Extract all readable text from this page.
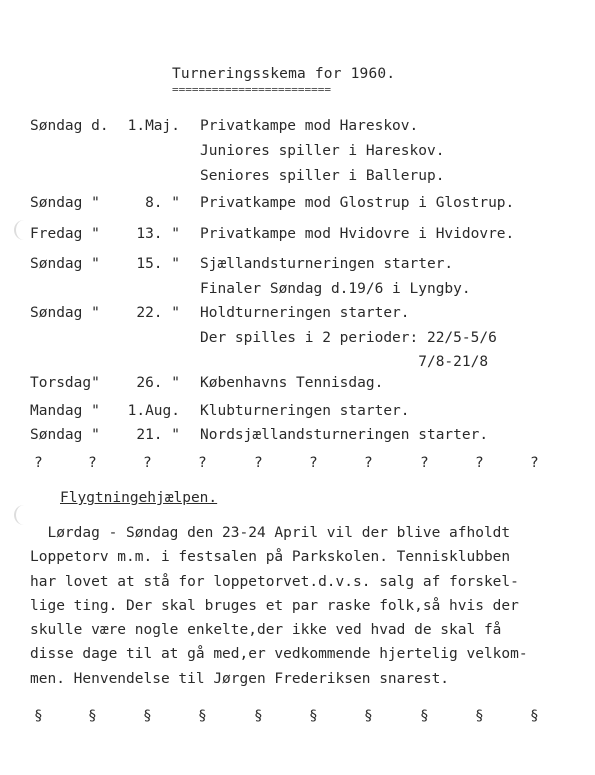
Turneringsskema for 1960.
========================
Søndag d.	1.Maj. Privatkampe mod Hareskov.
Juniores spiller i Hareskov.
Seniores spiller i Ballerup.
Søndag "	8. " Privatkampe mod Glostrup i Glostrup.
Fredag "	13. " Privatkampe mod Hvidovre i Hvidovre.
Søndag "	15. " Sjællandsturneringen starter.
Finaler Søndag d.19/6 i Lyngby.
Søndag "	22. " Holdturneringen starter.
Der spilles i 2 perioder: 22/5-5/6
7/8-21/8
Torsdag"	26. " Københavns Tennisdag.
Mandag "	1.Aug. Klubturneringen starter.
Søndag "	21. " Nordsjællandsturneringen starter.
?	?	?	?	?	?	?	?	?	?
Flygtningehjælpen.
Lørdag - Søndag den 23-24 April vil der blive afholdt
Loppetorv m.m. i festsalen på Parkskolen. Tennisklubben
har lovet at stå for loppetorvet.d.v.s. salg af forskel-
lige ting. Der skal bruges et par raske folk,så hvis der
skulle være nogle enkelte,der ikke ved hvad de skal få
disse dage til at gå med,er vedkommende hjertelig velkom-
men. Henvendelse til Jørgen Frederiksen snarest.
§	§	§	§	§	§	§	§	§	§
